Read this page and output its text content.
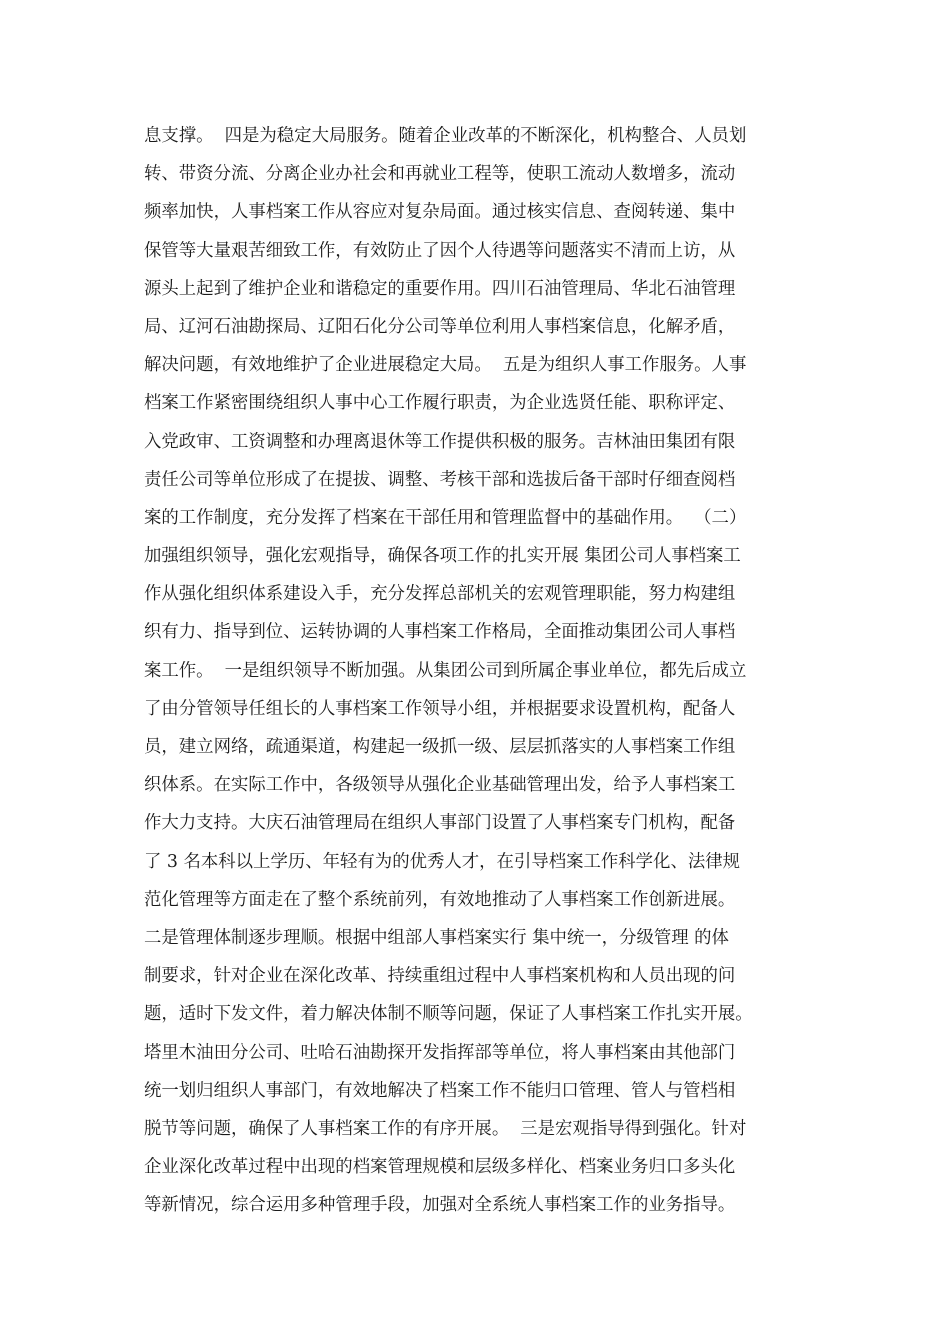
息支撑。  四是为稳定大局服务。随着企业改革的不断深化，机构整合、人员划
转、带资分流、分离企业办社会和再就业工程等，使职工流动人数增多，流动
频率加快，人事档案工作从容应对复杂局面。通过核实信息、查阅转递、集中
保管等大量艰苦细致工作，有效防止了因个人待遇等问题落实不清而上访，从
源头上起到了维护企业和谐稳定的重要作用。四川石油管理局、华北石油管理
局、辽河石油勘探局、辽阳石化分公司等单位利用人事档案信息，化解矛盾，
解决问题，有效地维护了企业进展稳定大局。  五是为组织人事工作服务。人事
档案工作紧密围绕组织人事中心工作履行职责，为企业选贤任能、职称评定、
入党政审、工资调整和办理离退休等工作提供积极的服务。吉林油田集团有限
责任公司等单位形成了在提拔、调整、考核干部和选拔后备干部时仔细查阅档
案的工作制度，充分发挥了档案在干部任用和管理监督中的基础作用。  （二）
加强组织领导，强化宏观指导，确保各项工作的扎实开展 集团公司人事档案工
作从强化组织体系建设入手，充分发挥总部机关的宏观管理职能，努力构建组
织有力、指导到位、运转协调的人事档案工作格局，全面推动集团公司人事档
案工作。  一是组织领导不断加强。从集团公司到所属企事业单位，都先后成立
了由分管领导任组长的人事档案工作领导小组，并根据要求设置机构，配备人
员，建立网络，疏通渠道，构建起一级抓一级、层层抓落实的人事档案工作组
织体系。在实际工作中，各级领导从强化企业基础管理出发，给予人事档案工
作大力支持。大庆石油管理局在组织人事部门设置了人事档案专门机构，配备
了 3 名本科以上学历、年轻有为的优秀人才，在引导档案工作科学化、法律规
范化管理等方面走在了整个系统前列，有效地推动了人事档案工作创新进展。
二是管理体制逐步理顺。根据中组部人事档案实行 集中统一，分级管理 的体
制要求，针对企业在深化改革、持续重组过程中人事档案机构和人员出现的问
题，适时下发文件，着力解决体制不顺等问题，保证了人事档案工作扎实开展。
塔里木油田分公司、吐哈石油勘探开发指挥部等单位，将人事档案由其他部门
统一划归组织人事部门，有效地解决了档案工作不能归口管理、管人与管档相
脱节等问题，确保了人事档案工作的有序开展。  三是宏观指导得到强化。针对
企业深化改革过程中出现的档案管理规模和层级多样化、档案业务归口多头化
等新情况，综合运用多种管理手段，加强对全系统人事档案工作的业务指导。
